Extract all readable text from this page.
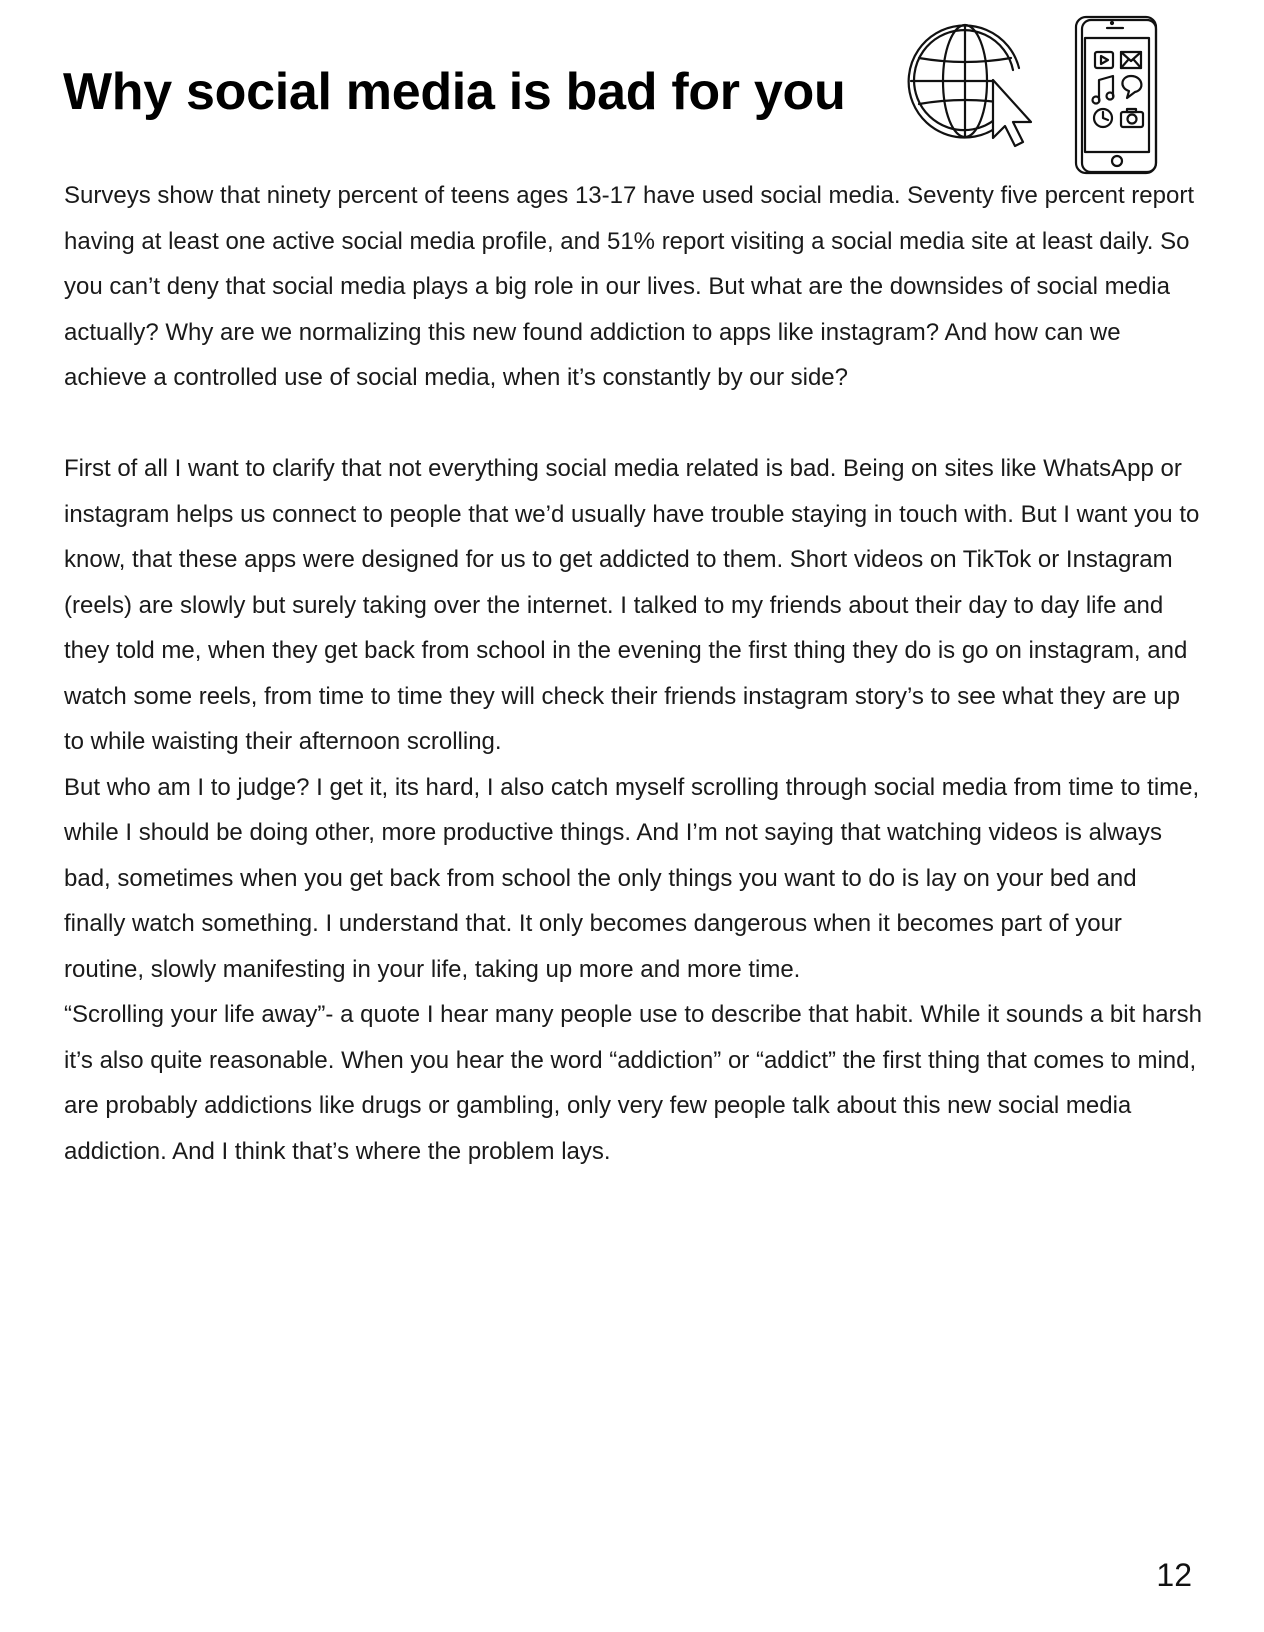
Why social media is bad for you

Surveys show that ninety percent of teens ages 13-17 have used social media. Seventy five percent report having at least one active social media profile, and 51% report visiting a social media site at least daily. So you can’t deny that social media plays a big role in our lives. But what are the downsides of social media actually? Why are we normalizing this new found addiction to apps like instagram? And how can we achieve a controlled use of social media, when it’s constantly by our side?

First of all I want to clarify that not everything social media related is bad. Being on sites like WhatsApp or instagram helps us connect to people that we’d usually have trouble staying in touch with. But I want you to know, that these apps were designed for us to get addicted to them. Short videos on TikTok or Instagram (reels) are slowly but surely taking over the internet. I talked to my friends about their day to day life and they told me, when they get back from school in the evening the first thing they do is go on instagram, and watch some reels, from time to time they will check their friends instagram story’s to see what they are up to while waisting their afternoon scrolling.

But who am I to judge? I get it, its hard, I also catch myself scrolling through social media from time to time, while I should be doing other, more productive things. And I’m not saying that watching videos is always bad, sometimes when you get back from school the only things you want to do is lay on your bed and finally watch something. I understand that. It only becomes dangerous when it becomes part of your routine, slowly manifesting in your life, taking up more and more time.

“Scrolling your life away”- a quote I hear many people use to describe that habit. While it sounds a bit harsh it’s also quite reasonable. When you hear the word “addiction” or “addict” the first thing that comes to mind, are probably addictions like drugs or gambling, only very few people talk about this new social media addiction. And I think that’s where the problem lays.

12
